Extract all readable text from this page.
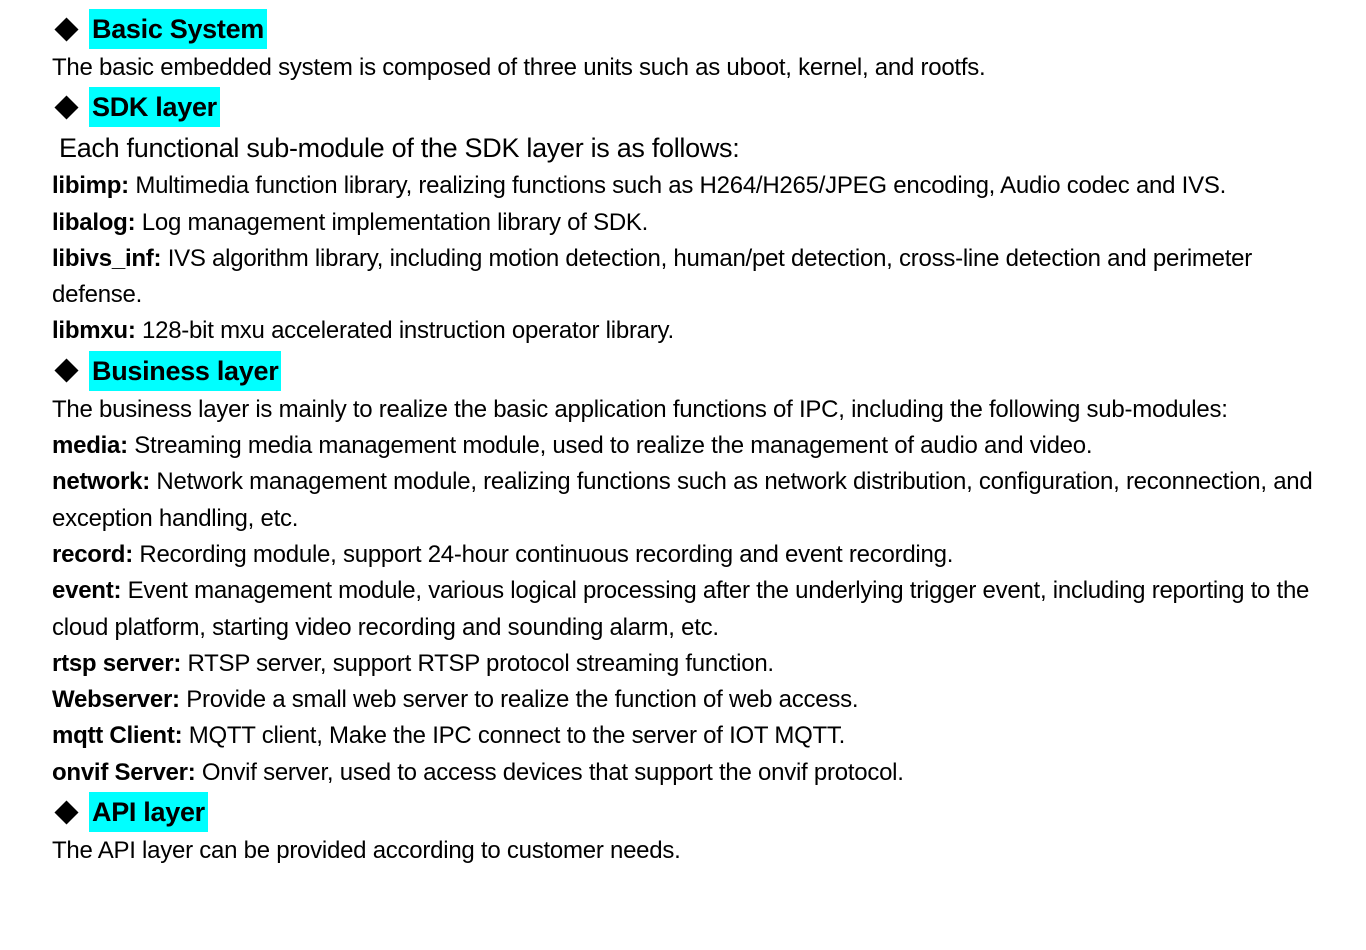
Basic System

The basic embedded system is composed of three units such as uboot, kernel, and rootfs.

SDK layer

Each functional sub-module of the SDK layer is as follows:

libimp: Multimedia function library, realizing functions such as H264/H265/JPEG encoding, Audio codec and IVS.

libalog: Log management implementation library of SDK.

libivs_inf: IVS algorithm library, including motion detection, human/pet detection, cross-line detection and perimeter defense.

libmxu: 128-bit mxu accelerated instruction operator library.

Business layer

The business layer is mainly to realize the basic application functions of IPC, including the following sub-modules:

media: Streaming media management module, used to realize the management of audio and video.

network: Network management module, realizing functions such as network distribution, configuration, reconnection, and exception handling, etc.

record: Recording module, support 24-hour continuous recording and event recording.

event: Event management module, various logical processing after the underlying trigger event, including reporting to the cloud platform, starting video recording and sounding alarm, etc.

rtsp server: RTSP server, support RTSP protocol streaming function.

Webserver: Provide a small web server to realize the function of web access.

mqtt Client: MQTT client, Make the IPC connect to the server of IOT MQTT.

onvif Server: Onvif server, used to access devices that support the onvif protocol.

API layer

The API layer can be provided according to customer needs.
